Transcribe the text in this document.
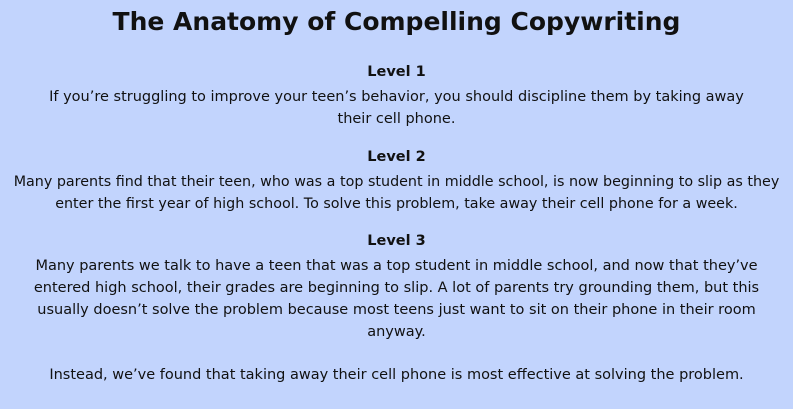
The Anatomy of Compelling Copywriting
Level 1

If you’re struggling to improve your teen’s behavior, you should discipline them by taking away their cell phone.

Level 2

Many parents find that their teen, who was a top student in middle school, is now beginning to slip as they enter the first year of high school. To solve this problem, take away their cell phone for a week.

Level 3

Many parents we talk to have a teen that was a top student in middle school, and now that they’ve entered high school, their grades are beginning to slip. A lot of parents try grounding them, but this usually doesn’t solve the problem because most teens just want to sit on their phone in their room anyway.

Instead, we’ve found that taking away their cell phone is most effective at solving the problem.
